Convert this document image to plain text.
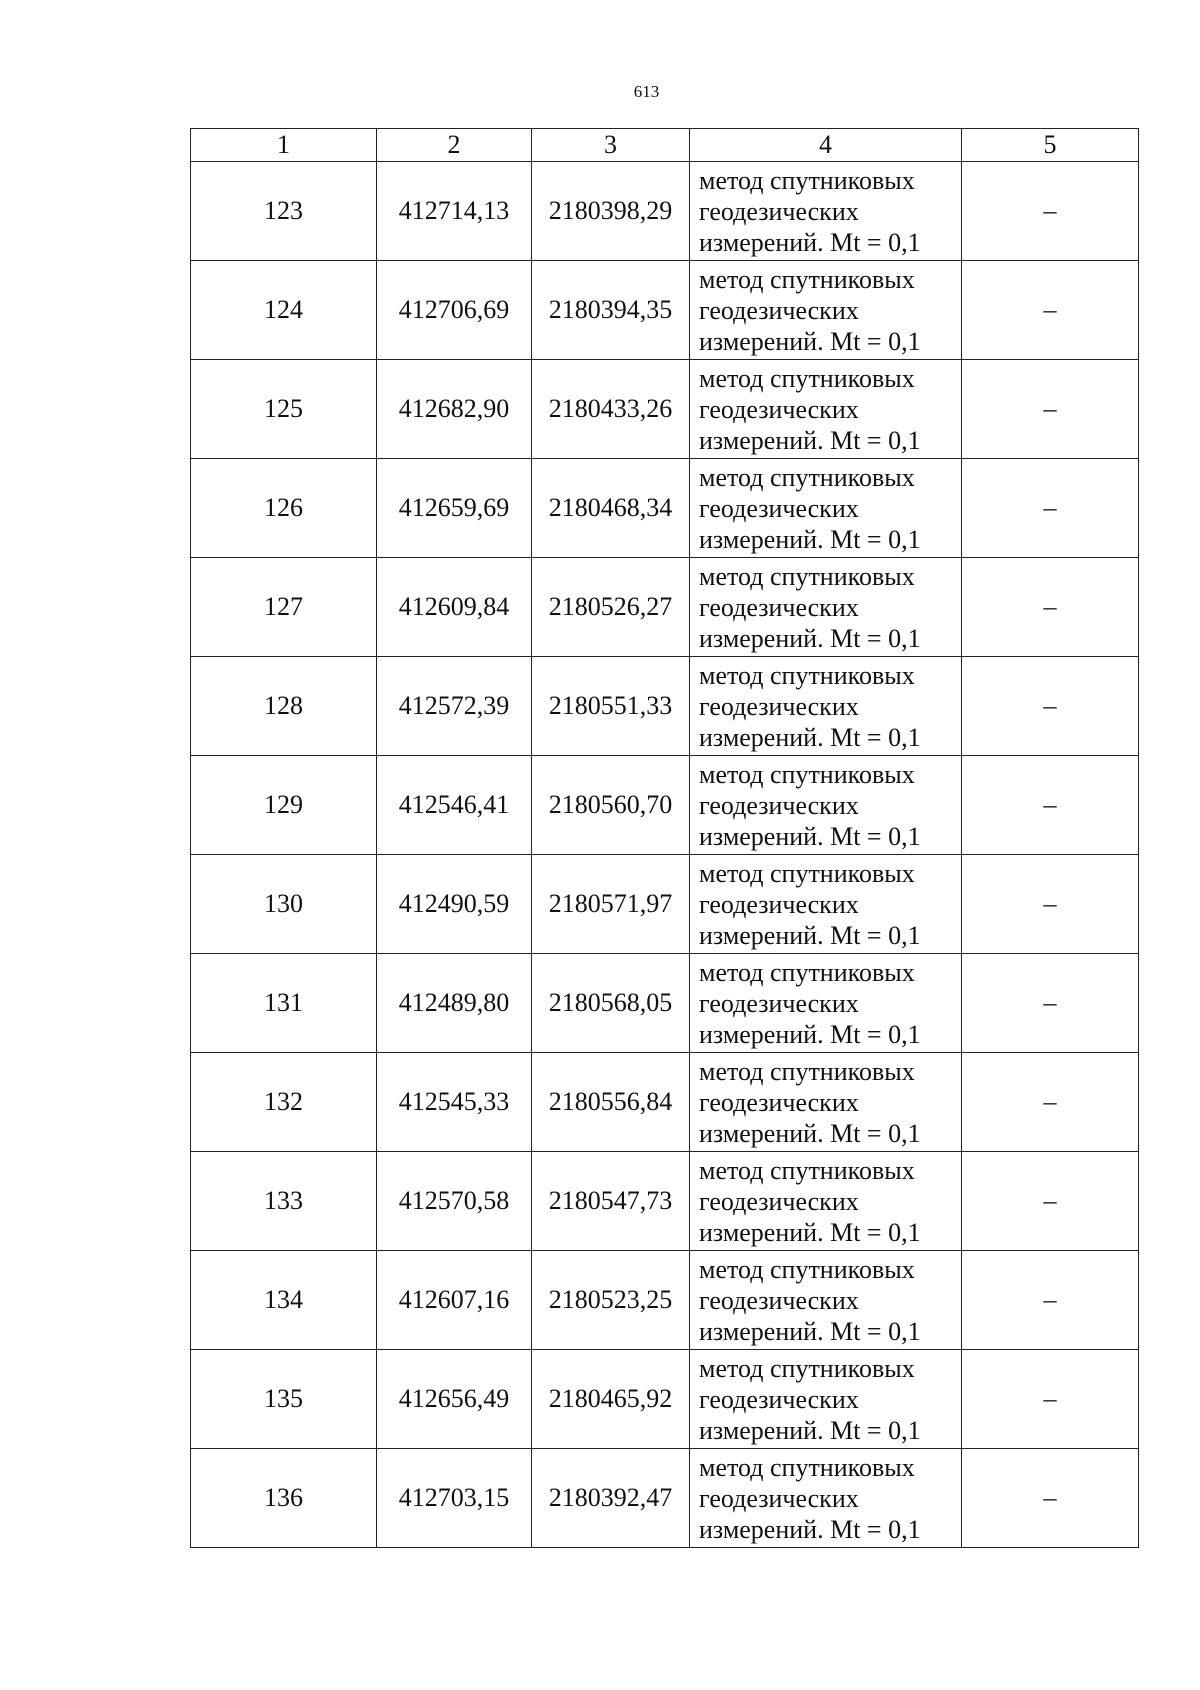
613
1	2	3	4	5
123	412714,13	2180398,29	метод спутниковых
геодезических
измерений. Mt = 0,1	–
124	412706,69	2180394,35	метод спутниковых
геодезических
измерений. Mt = 0,1	–
125	412682,90	2180433,26	метод спутниковых
геодезических
измерений. Mt = 0,1	–
126	412659,69	2180468,34	метод спутниковых
геодезических
измерений. Mt = 0,1	–
127	412609,84	2180526,27	метод спутниковых
геодезических
измерений. Mt = 0,1	–
128	412572,39	2180551,33	метод спутниковых
геодезических
измерений. Mt = 0,1	–
129	412546,41	2180560,70	метод спутниковых
геодезических
измерений. Mt = 0,1	–
130	412490,59	2180571,97	метод спутниковых
геодезических
измерений. Mt = 0,1	–
131	412489,80	2180568,05	метод спутниковых
геодезических
измерений. Mt = 0,1	–
132	412545,33	2180556,84	метод спутниковых
геодезических
измерений. Mt = 0,1	–
133	412570,58	2180547,73	метод спутниковых
геодезических
измерений. Mt = 0,1	–
134	412607,16	2180523,25	метод спутниковых
геодезических
измерений. Mt = 0,1	–
135	412656,49	2180465,92	метод спутниковых
геодезических
измерений. Mt = 0,1	–
136	412703,15	2180392,47	метод спутниковых
геодезических
измерений. Mt = 0,1	–
